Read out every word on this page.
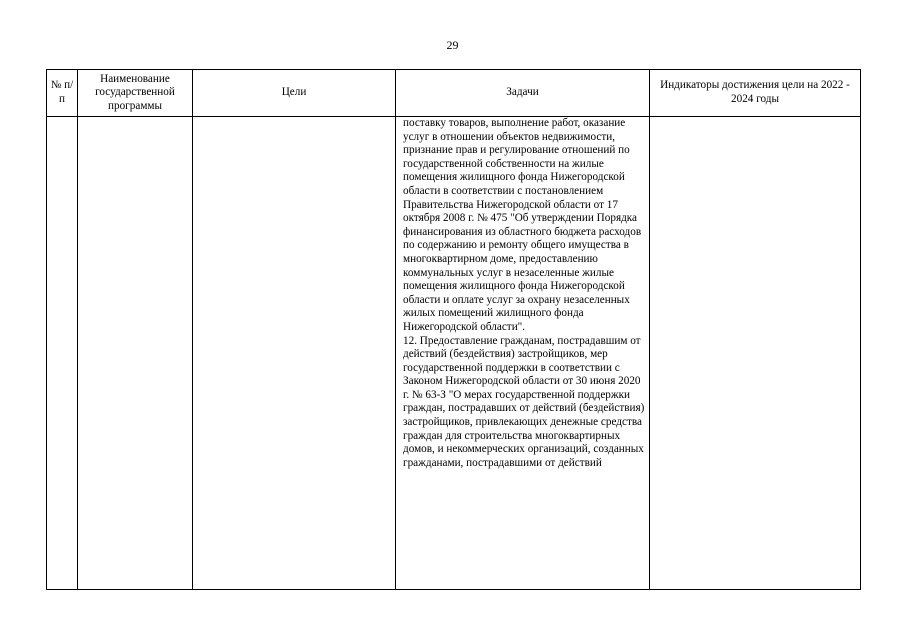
29
№ п/п	Наименование государственной программы	Цели	Задачи	Индикаторы достижения цели на 2022 - 2024 годы

			поставку товаров, выполнение работ, оказание услуг в отношении объектов недвижимости, признание прав и регулирование отношений по государственной собственности на жилые помещения жилищного фонда Нижегородской области в соответствии с постановлением Правительства Нижегородской области от 17 октября 2008 г. № 475 "Об утверждении Порядка финансирования из областного бюджета расходов по содержанию и ремонту общего имущества в многоквартирном доме, предоставлению коммунальных услуг в незаселенные жилые помещения жилищного фонда Нижегородской области и оплате услуг за охрану незаселенных жилых помещений жилищного фонда Нижегородской области".

12. Предоставление гражданам, пострадавшим от действий (бездействия) застройщиков, мер государственной поддержки в соответствии с Законом Нижегородской области от 30 июня 2020 г. № 63-З "О мерах государственной поддержки граждан, пострадавших от действий (бездействия) застройщиков, привлекающих денежные средства граждан для строительства многоквартирных домов, и некоммерческих организаций, созданных гражданами, пострадавшими от действий	
